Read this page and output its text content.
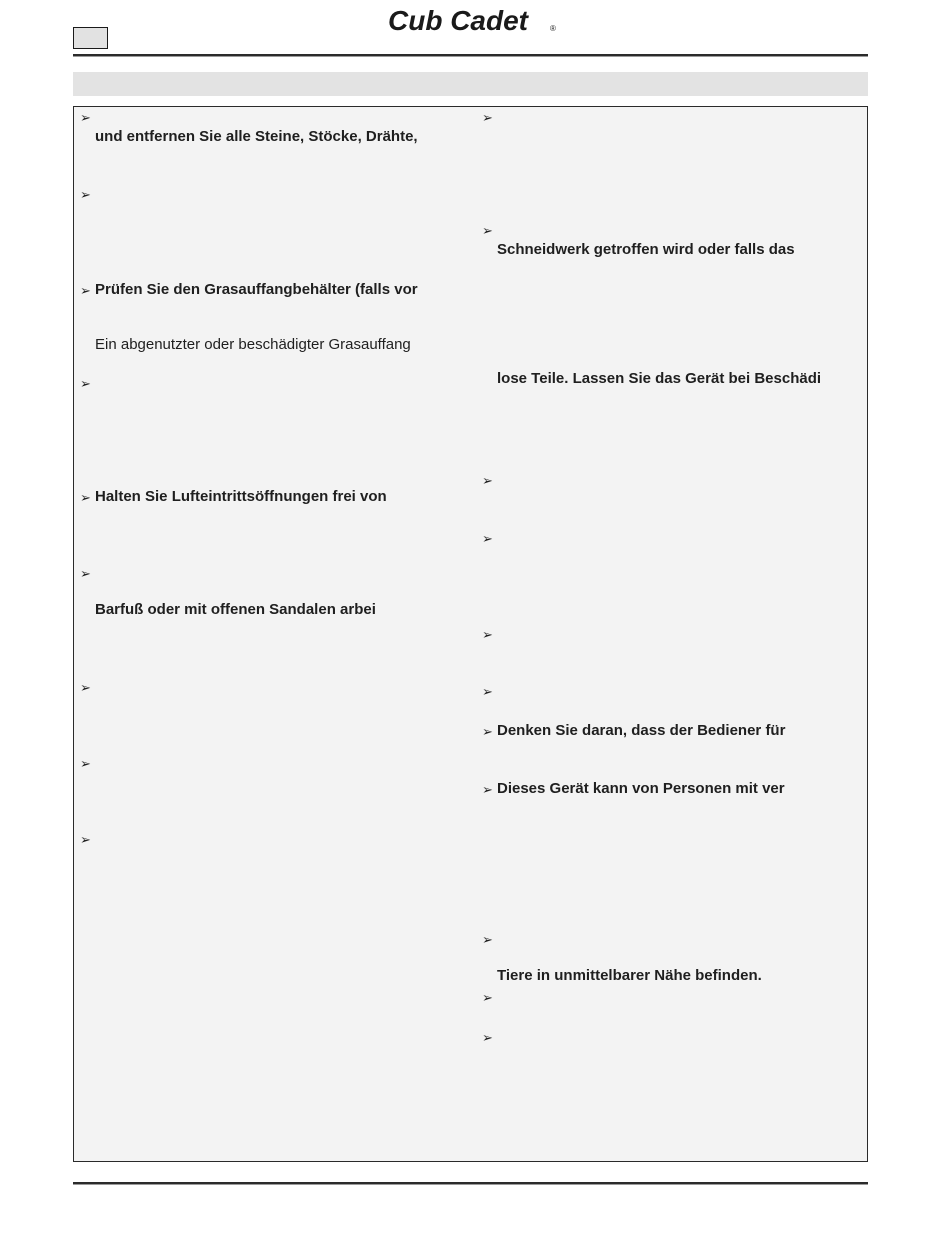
Cub Cadet	®
➢
und entfernen Sie alle Steine, Stöcke, Drähte,
➢
➢ Prüfen Sie den Grasauffangbehälter (falls vor
Ein abgenutzter oder beschädigter Grasauffang
➢
➢ Halten Sie Lufteintrittsöffnungen frei von
➢
Barfuß oder mit offenen Sandalen arbei
➢
➢
➢
➢
➢
Schneidwerk getroffen wird oder falls das
lose Teile. Lassen Sie das Gerät bei Beschädi
➢
➢
➢
➢
➢ Denken Sie daran, dass der Bediener für
➢ Dieses Gerät kann von Personen mit ver
➢
Tiere in unmittelbarer Nähe befinden.
➢
➢
